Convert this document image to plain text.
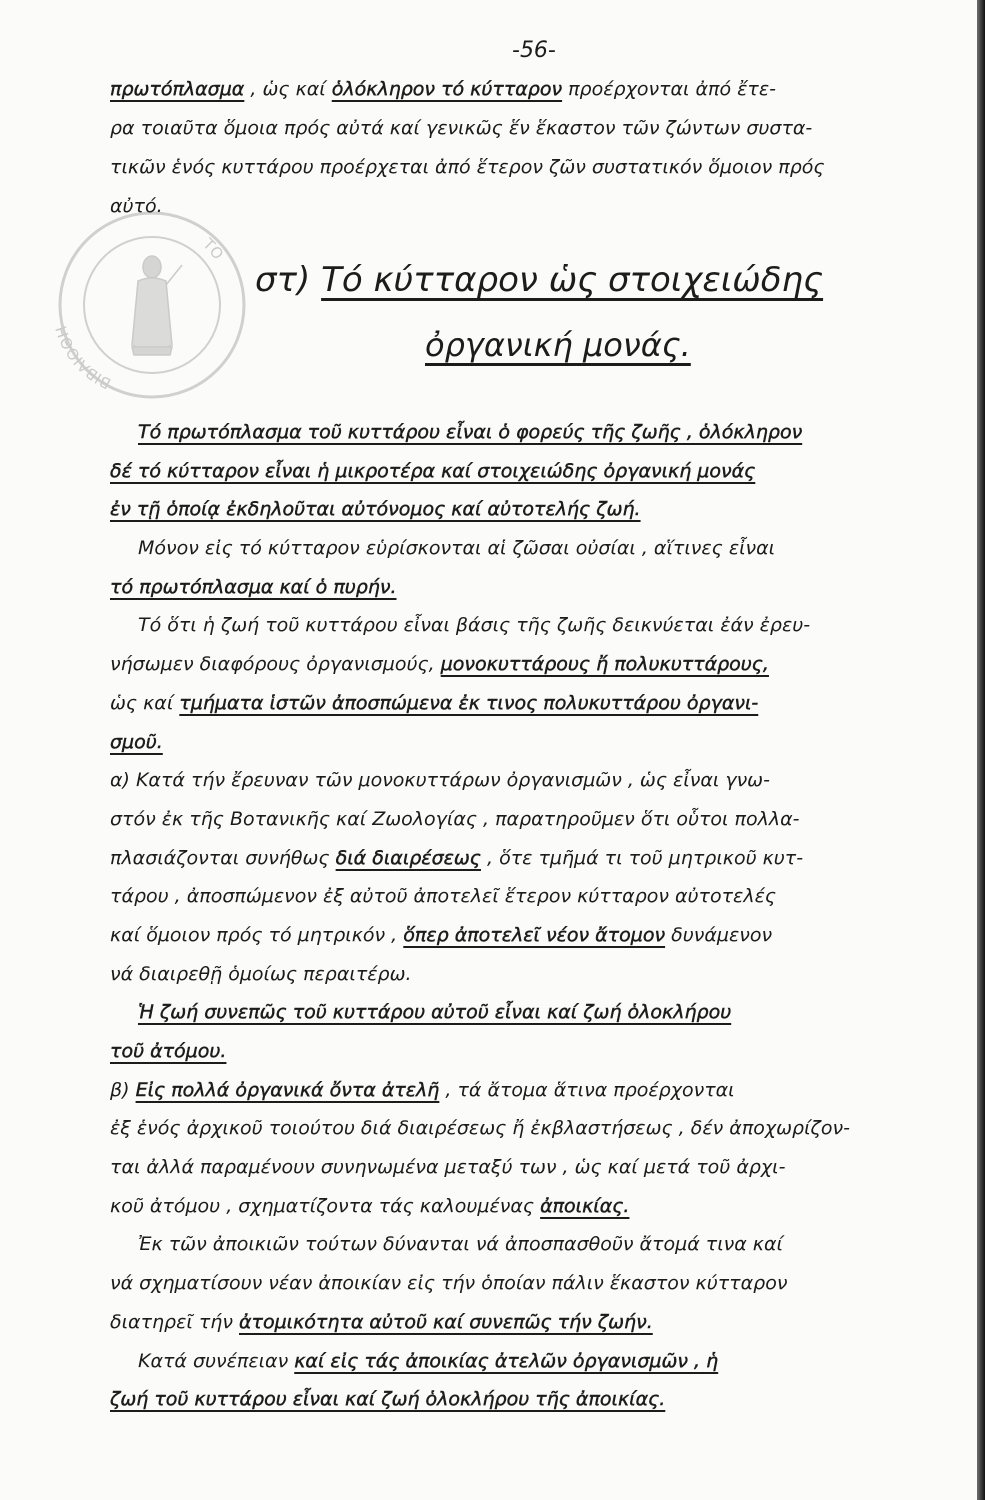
ΒΙΒΛΙΟΘΗ
ΤΟ
-56-
πρωτόπλασμα , ὡς καί ὁλόκληρον τό κύτταρον προέρχονται ἀπό ἔτε-
ρα τοιαῦτα ὅμοια πρός αὐτά καί γενικῶς ἕν ἕκαστον τῶν ζώντων συστα-
τικῶν ἑνός κυττάρου προέρχεται ἀπό ἕτερον ζῶν συστατικόν ὅμοιον πρός
αὐτό.
στ) Τό κύτταρον ὡς στοιχειώδης
ὀργανική μονάς.
Τό πρωτόπλασμα τοῦ κυττάρου εἶναι ὁ φορεύς τῆς ζωῆς , ὁλόκληρον
δέ τό κύτταρον εἶναι ἡ μικροτέρα καί στοιχειώδης ὀργανική μονάς
ἐν τῇ ὁποίᾳ ἐκδηλοῦται αὐτόνομος καί αὐτοτελής ζωή.
Μόνον εἰς τό κύτταρον εὑρίσκονται αἱ ζῶσαι οὐσίαι , αἵτινες εἶναι
τό πρωτόπλασμα καί ὁ πυρήν.
Τό ὅτι ἡ ζωή τοῦ κυττάρου εἶναι βάσις τῆς ζωῆς δεικνύεται ἐάν ἐρευ-
νήσωμεν διαφόρους ὀργανισμούς, μονοκυττάρους ἤ πολυκυττάρους,
ὡς καί τμήματα ἱστῶν ἀποσπώμενα ἐκ τινος πολυκυττάρου ὀργανι-
σμοῦ.
α) Κατά τήν ἔρευναν τῶν μονοκυττάρων ὀργανισμῶν , ὡς εἶναι γνω-
στόν ἐκ τῆς Βοτανικῆς καί Ζωολογίας , παρατηροῦμεν ὅτι οὗτοι πολλα-
πλασιάζονται συνήθως διά διαιρέσεως , ὅτε τμῆμά τι τοῦ μητρικοῦ κυτ-
τάρου , ἀποσπώμενον ἐξ αὐτοῦ ἀποτελεῖ ἕτερον κύτταρον αὐτοτελές
καί ὅμοιον πρός τό μητρικόν , ὅπερ ἀποτελεῖ νέον ἄτομον δυνάμενον
νά διαιρεθῇ ὁμοίως περαιτέρω.
Ἡ ζωή συνεπῶς τοῦ κυττάρου αὐτοῦ εἶναι καί ζωή ὁλοκλήρου
τοῦ ἀτόμου.
β) Εἰς πολλά ὀργανικά ὄντα ἀτελῆ , τά ἄτομα ἅτινα προέρχονται
ἐξ ἑνός ἀρχικοῦ τοιούτου διά διαιρέσεως ἤ ἐκβλαστήσεως , δέν ἀποχωρίζον-
ται ἀλλά παραμένουν συνηνωμένα μεταξύ των , ὡς καί μετά τοῦ ἀρχι-
κοῦ ἀτόμου , σχηματίζοντα τάς καλουμένας ἀποικίας.
Ἐκ τῶν ἀποικιῶν τούτων δύνανται νά ἀποσπασθοῦν ἄτομά τινα καί
νά σχηματίσουν νέαν ἀποικίαν εἰς τήν ὁποίαν πάλιν ἕκαστον κύτταρον
διατηρεῖ τήν ἀτομικότητα αὐτοῦ καί συνεπῶς τήν ζωήν.
Κατά συνέπειαν καί εἰς τάς ἀποικίας ἀτελῶν ὀργανισμῶν , ἡ
ζωή τοῦ κυττάρου εἶναι καί ζωή ὁλοκλήρου τῆς ἀποικίας.
